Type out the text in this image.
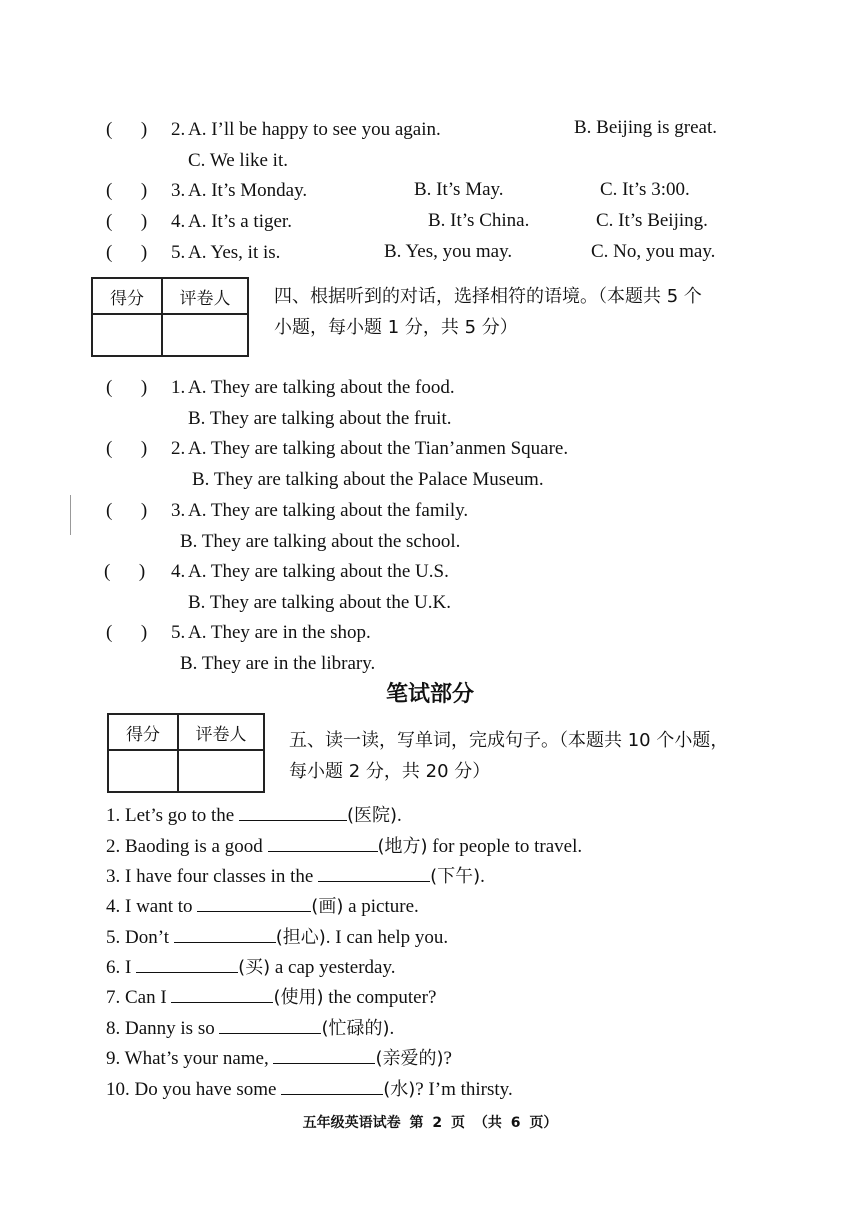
(      ) 2. A. I’ll be happy to see you again.	B. Beijing is great.
C. We like it.
(      ) 3. A. It’s Monday.	B. It’s May.	C. It’s 3:00.
(      ) 4. A. It’s a tiger.	B. It’s China.	C. It’s Beijing.
(      ) 5. A. Yes, it is.	B. Yes, you may.	C. No, you may.
得分	评卷人
	四、根据听到的对话，选择相符的语境。（本题共 5 个
小题，每小题 1 分，共 5 分）
(      ) 1. A. They are talking about the food.
B. They are talking about the fruit.
(      ) 2. A. They are talking about the Tian’anmen Square.
B. They are talking about the Palace Museum.
(      ) 3. A. They are talking about the family.
B. They are talking about the school.
(      ) 4. A. They are talking about the U.S.
B. They are talking about the U.K.
(      ) 5. A. They are in the shop.
B. They are in the library.
笔试部分
得分	评卷人
	五、读一读，写单词，完成句子。（本题共 10 个小题，
每小题 2 分，共 20 分）
1. Let’s go to the	(医院).
2. Baoding is a good	(地方) for people to travel.
3. I have four classes in the	(下午).
4. I want to	(画) a picture.
5. Don’t	(担心). I can help you.
6. I	(买) a cap yesterday.
7. Can I	(使用) the computer?
8. Danny is so	(忙碌的).
9. What’s your name,	(亲爱的)?
10. Do you have some	(水)? I’m thirsty.
五年级英语试卷 第 2 页 （共 6 页）
